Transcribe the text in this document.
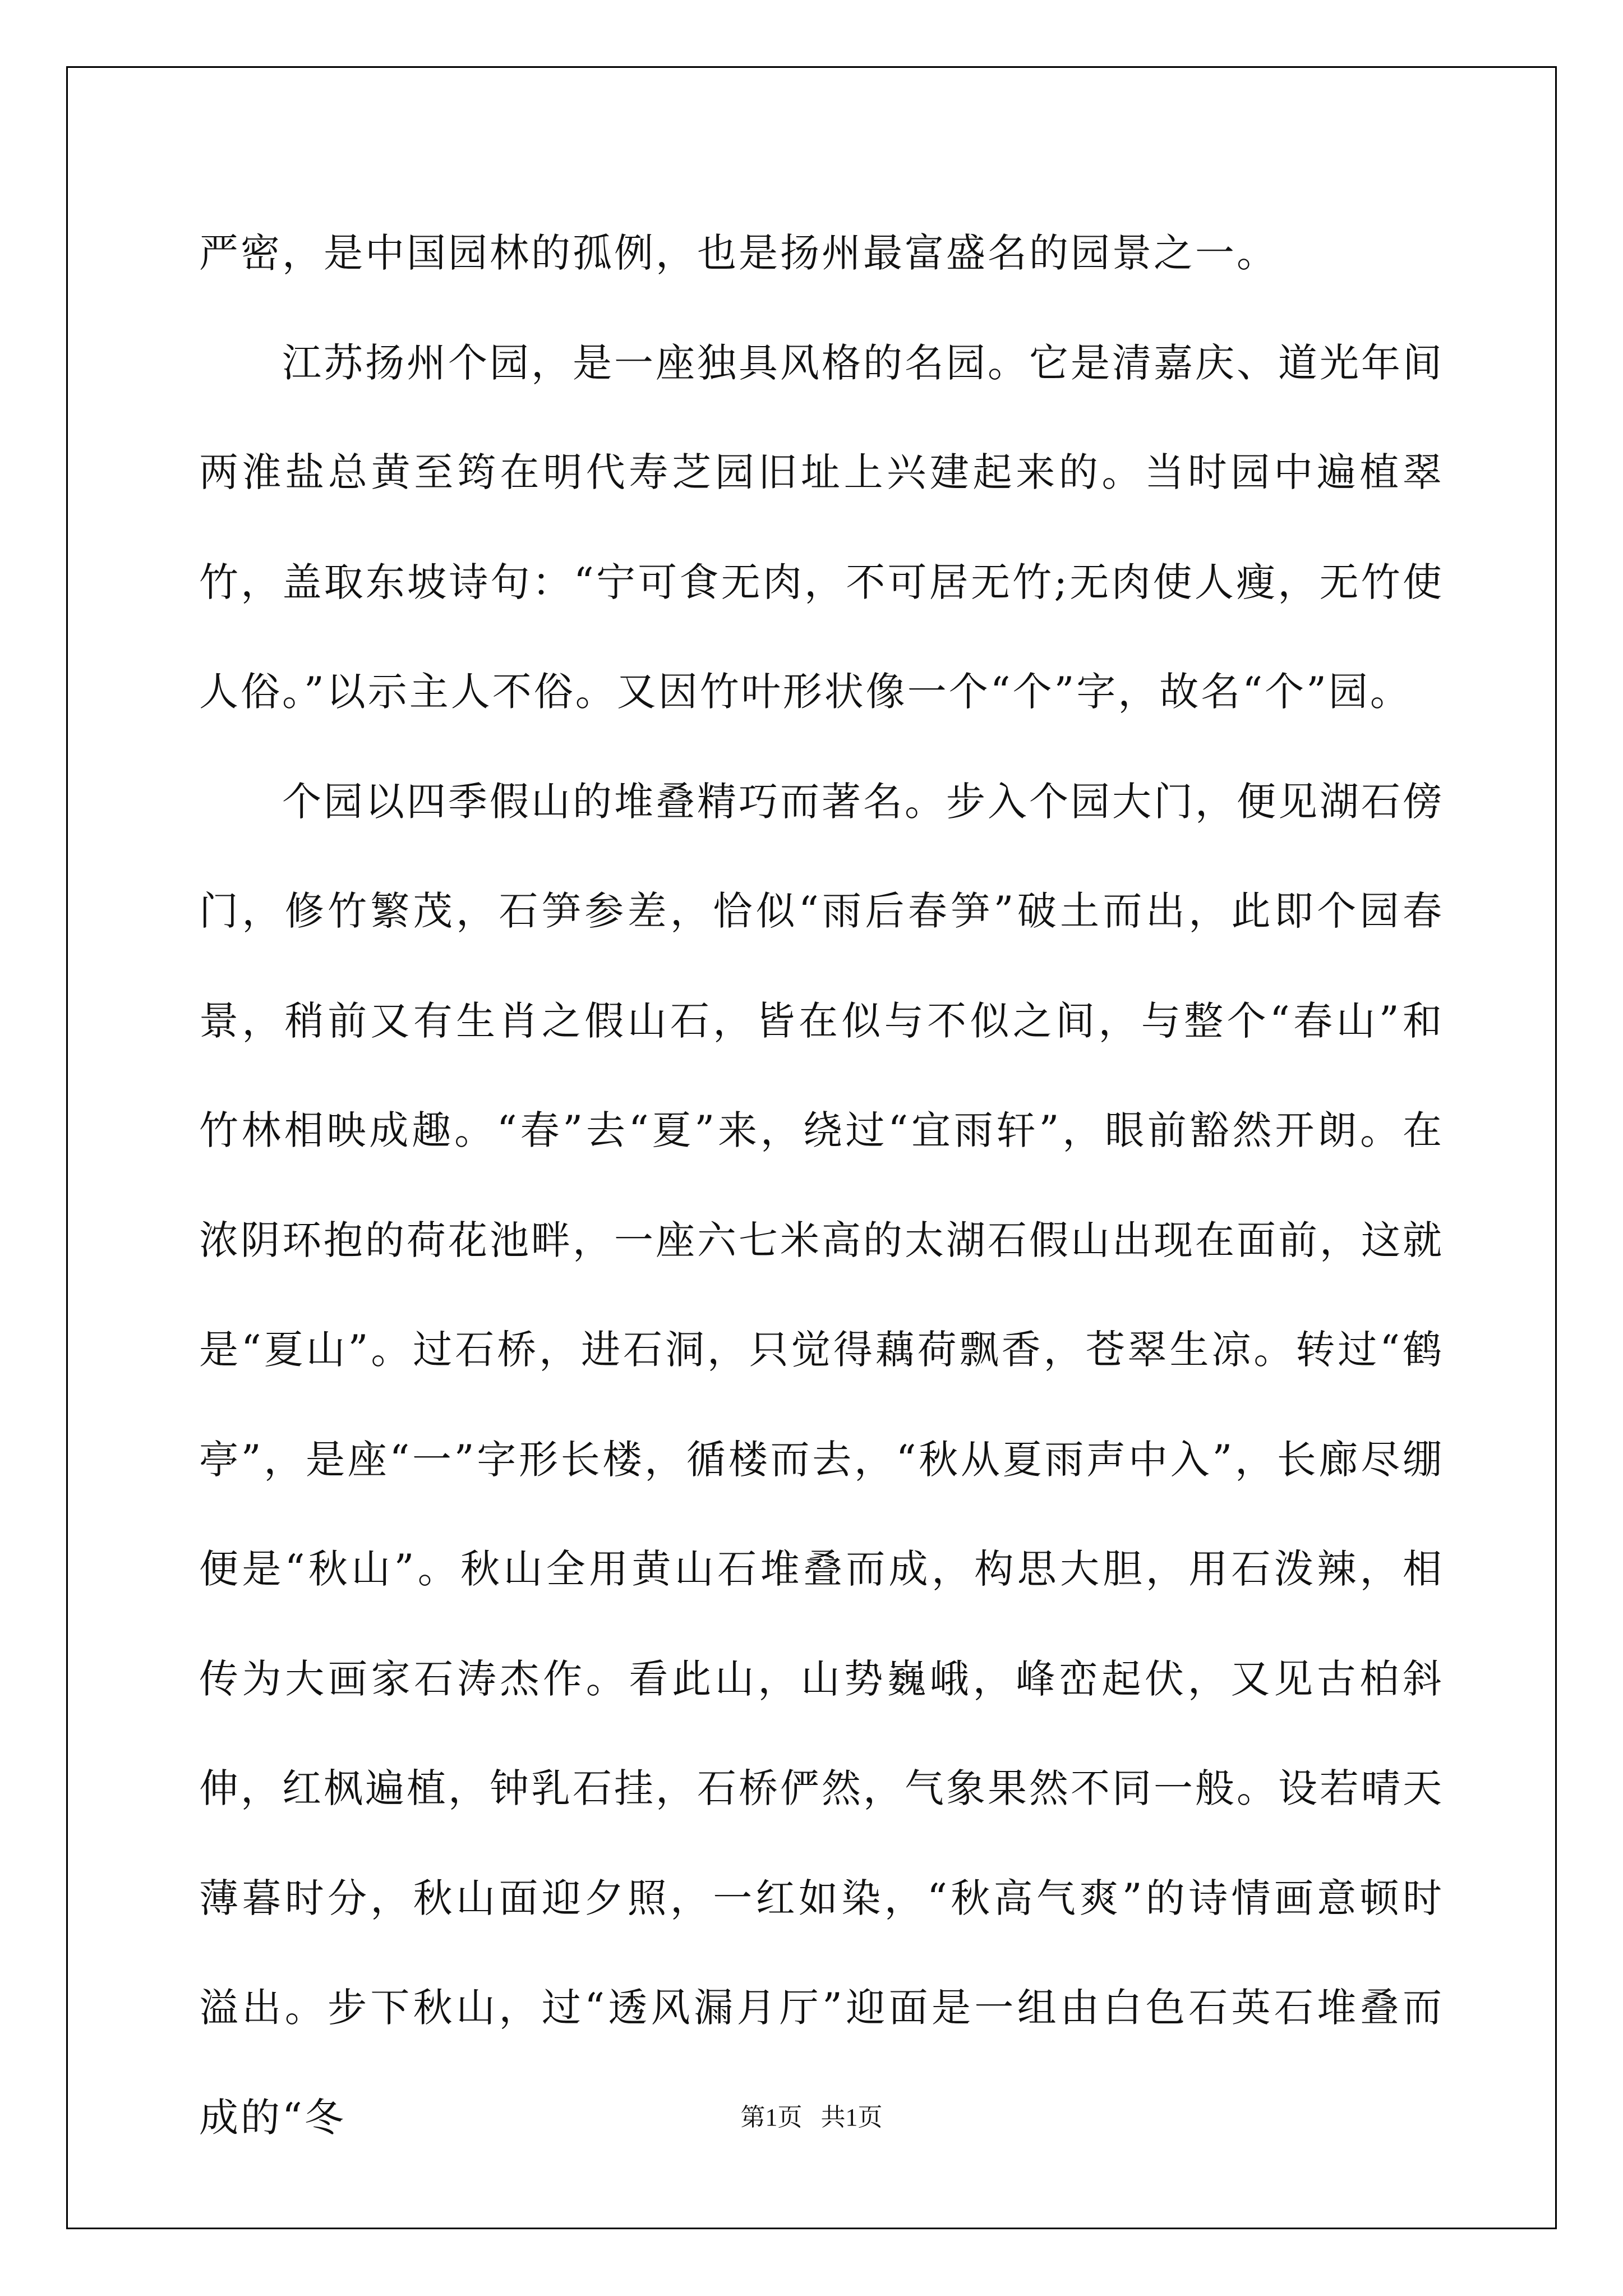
严密，是中国园林的孤例，也是扬州最富盛名的园景之一。

江苏扬州个园，是一座独具风格的名园。它是清嘉庆、道光年间两淮盐总黄至筠在明代寿芝园旧址上兴建起来的。当时园中遍植翠竹，盖取东坡诗句：“宁可食无肉，不可居无竹;无肉使人瘦，无竹使人俗。”以示主人不俗。又因竹叶形状像一个“个”字，故名“个”园。

个园以四季假山的堆叠精巧而著名。步入个园大门，便见湖石傍门，修竹繁茂，石笋参差，恰似“雨后春笋”破土而出，此即个园春景，稍前又有生肖之假山石，皆在似与不似之间，与整个“春山”和竹林相映成趣。“春”去“夏”来，绕过“宜雨轩”，眼前豁然开朗。在浓阴环抱的荷花池畔，一座六七米高的太湖石假山出现在面前，这就是“夏山”。过石桥，进石洞，只觉得藕荷飘香，苍翠生凉。转过“鹤亭”，是座“一”字形长楼，循楼而去，“秋从夏雨声中入”，长廊尽绷便是“秋山”。秋山全用黄山石堆叠而成，构思大胆，用石泼辣，相传为大画家石涛杰作。看此山，山势巍峨，峰峦起伏，又见古柏斜伸，红枫遍植，钟乳石挂，石桥俨然，气象果然不同一般。设若晴天薄暮时分，秋山面迎夕照，一红如染，“秋高气爽”的诗情画意顿时溢出。步下秋山，过“透风漏月厅”迎面是一组由白色石英石堆叠而成的“冬	第1页   共1页
